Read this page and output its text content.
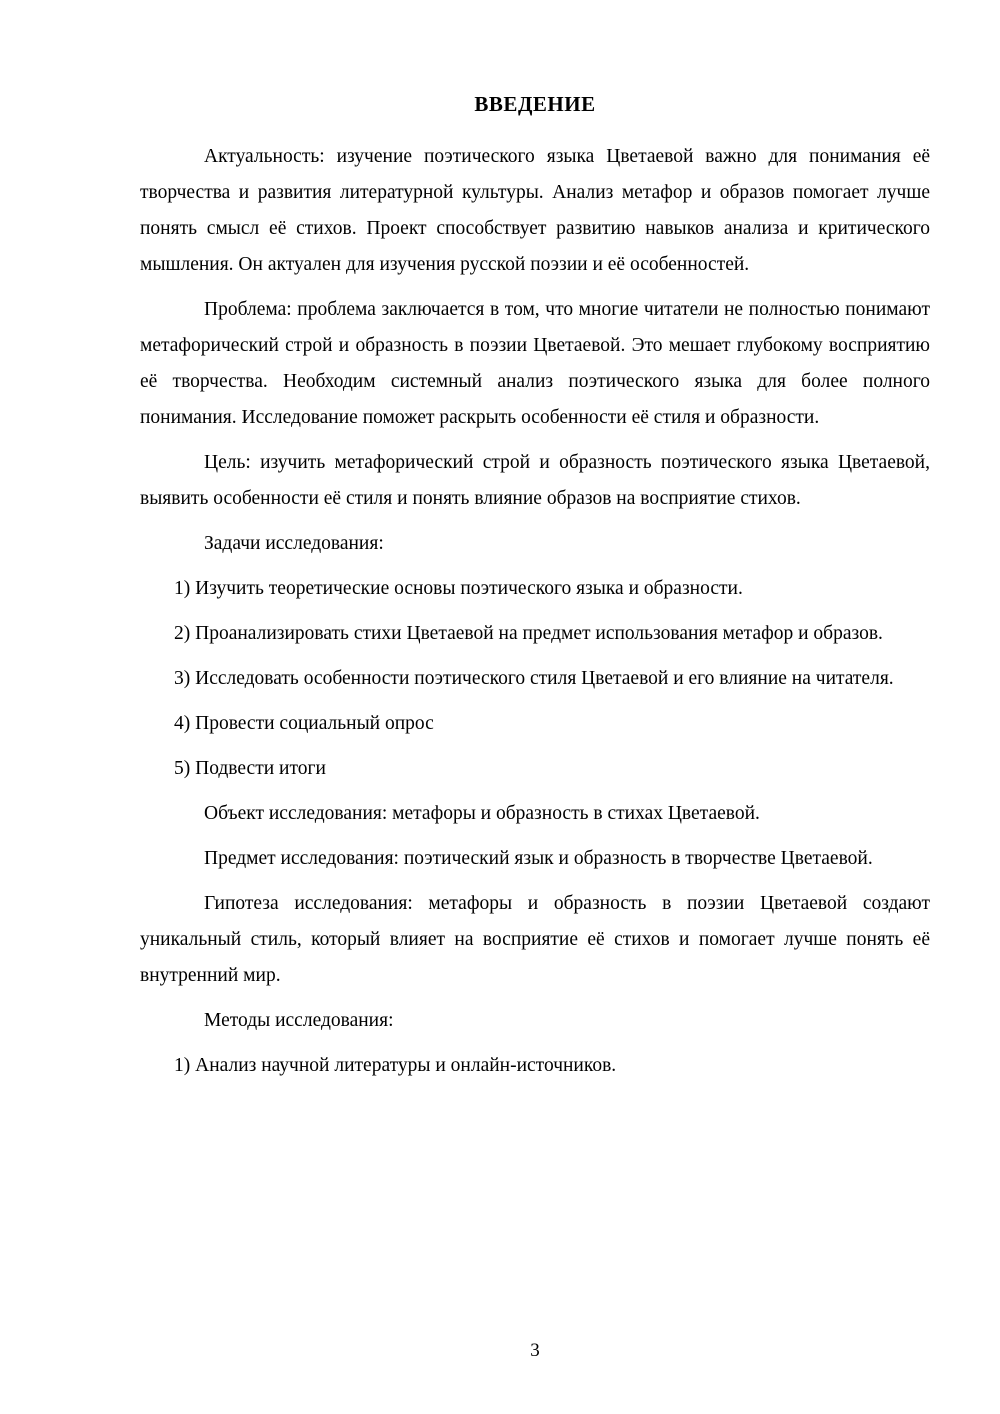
ВВЕДЕНИЕ

Актуальность: изучение поэтического языка Цветаевой важно для понимания её творчества и развития литературной культуры. Анализ метафор и образов помогает лучше понять смысл её стихов. Проект способствует развитию навыков анализа и критического мышления. Он актуален для изучения русской поэзии и её особенностей.

Проблема: проблема заключается в том, что многие читатели не полностью понимают метафорический строй и образность в поэзии Цветаевой. Это мешает глубокому восприятию её творчества. Необходим системный анализ поэтического языка для более полного понимания. Исследование поможет раскрыть особенности её стиля и образности.

Цель: изучить метафорический строй и образность поэтического языка Цветаевой, выявить особенности её стиля и понять влияние образов на восприятие стихов.

Задачи исследования:

1) Изучить теоретические основы поэтического языка и образности.

2) Проанализировать стихи Цветаевой на предмет использования метафор и образов.

3) Исследовать особенности поэтического стиля Цветаевой и его влияние на читателя.

4) Провести социальный опрос

5) Подвести итоги

Объект исследования: метафоры и образность в стихах Цветаевой.

Предмет исследования: поэтический язык и образность в творчестве Цветаевой.

Гипотеза исследования: метафоры и образность в поэзии Цветаевой создают уникальный стиль, который влияет на восприятие её стихов и помогает лучше понять её внутренний мир.

Методы исследования:

1) Анализ научной литературы и онлайн-источников.

3
